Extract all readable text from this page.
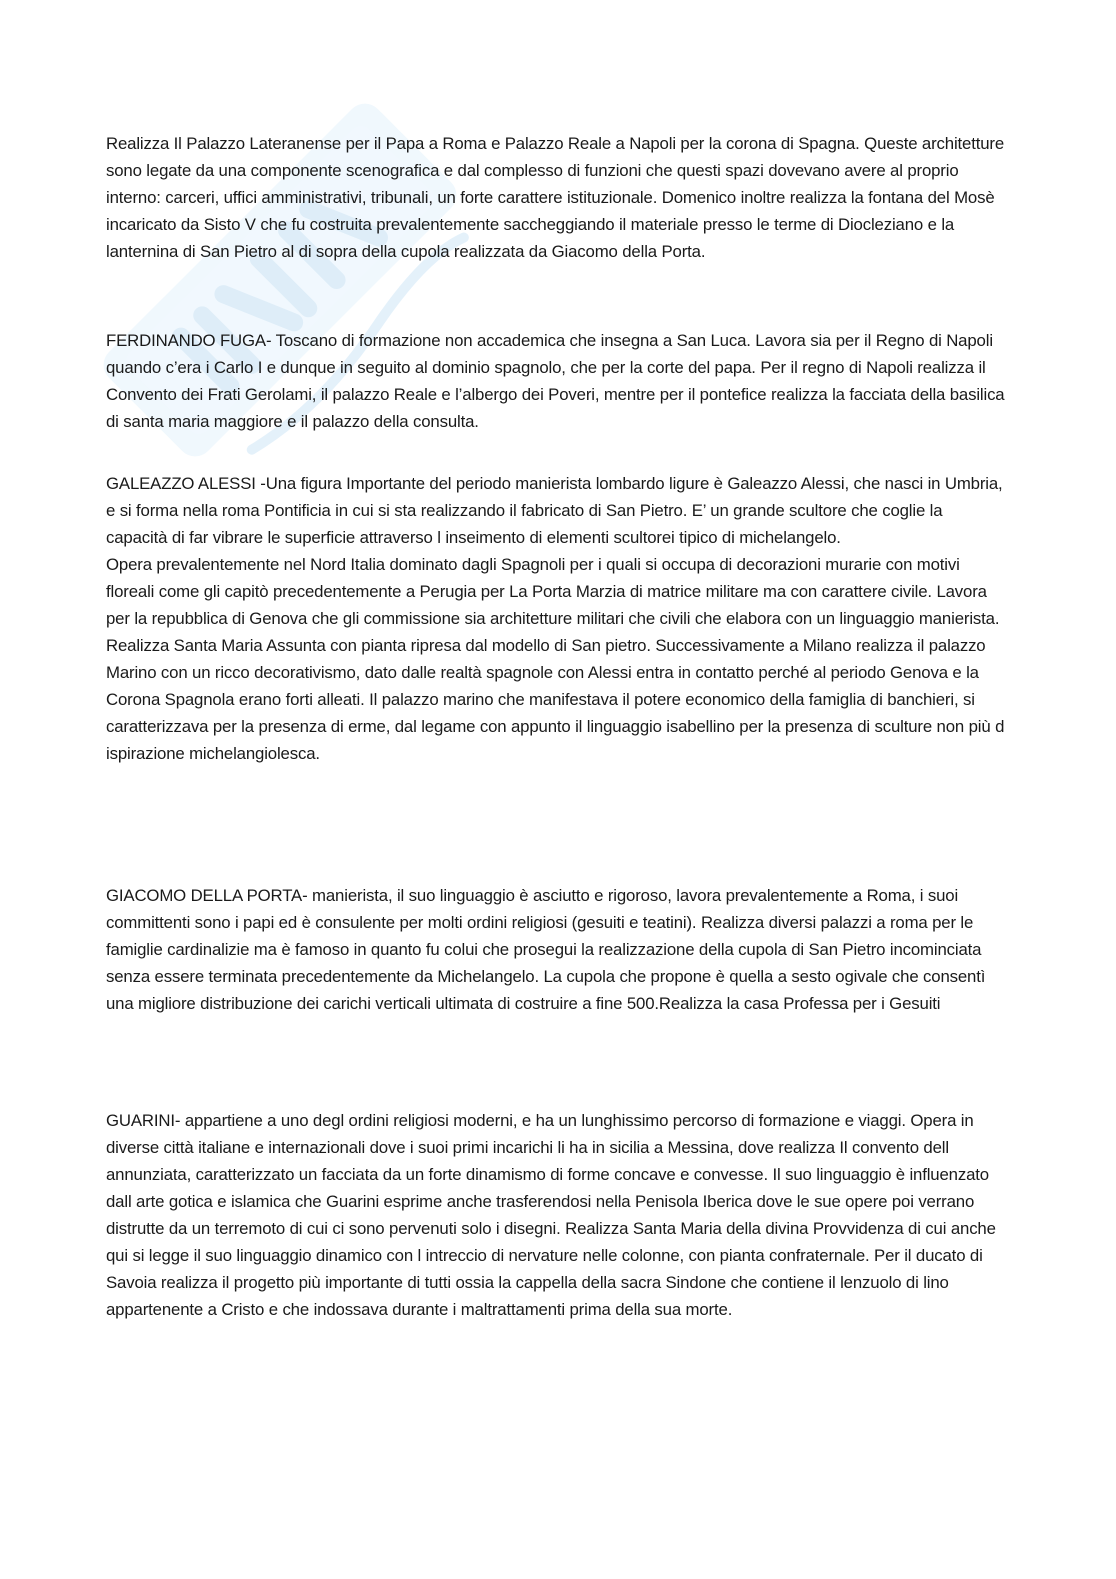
Realizza Il Palazzo Lateranense per il Papa a Roma e Palazzo Reale a Napoli per la corona di Spagna. Queste architetture sono legate da una componente scenografica e dal complesso di funzioni che questi spazi dovevano avere al proprio interno: carceri, uffici amministrativi, tribunali, un forte carattere istituzionale. Domenico inoltre realizza la fontana del Mosè incaricato da Sisto V che fu costruita prevalentemente saccheggiando il materiale presso le terme di Diocleziano e la lanternina di San Pietro al di sopra della cupola realizzata da Giacomo della Porta.

FERDINANDO FUGA- Toscano di formazione non accademica che insegna a San Luca. Lavora sia per il Regno di Napoli quando c’era i Carlo I e dunque in seguito al dominio spagnolo, che per la corte del papa. Per il regno di Napoli realizza il Convento dei Frati Gerolami, il palazzo Reale e l’albergo dei Poveri, mentre per il pontefice realizza la facciata della basilica di santa maria maggiore e il palazzo della consulta.

GALEAZZO ALESSI -Una figura Importante del periodo manierista lombardo ligure è Galeazzo Alessi, che nasci in Umbria, e si forma nella roma Pontificia in cui si sta realizzando il fabricato di San Pietro. E’ un grande scultore che coglie la capacità di far vibrare le superficie attraverso l inseimento di elementi scultorei tipico di michelangelo.

Opera prevalentemente nel Nord Italia dominato dagli Spagnoli per i quali si occupa di decorazioni murarie con motivi floreali come gli capitò precedentemente a Perugia per La Porta Marzia di matrice militare ma con carattere civile. Lavora per la repubblica di Genova che gli commissione sia architetture militari che civili che elabora con un linguaggio manierista. Realizza Santa Maria Assunta con pianta ripresa dal modello di San pietro. Successivamente a Milano realizza il palazzo Marino con un ricco decorativismo, dato dalle realtà spagnole con Alessi entra in contatto perché al periodo Genova e la Corona Spagnola erano forti alleati. Il palazzo marino che manifestava il potere economico della famiglia di banchieri, si caratterizzava per la presenza di erme, dal legame con appunto il linguaggio isabellino per la presenza di sculture non più d ispirazione michelangiolesca.

GIACOMO DELLA PORTA- manierista, il suo linguaggio è asciutto e rigoroso, lavora prevalentemente a Roma, i suoi committenti sono i papi ed è consulente per molti ordini religiosi (gesuiti e teatini). Realizza diversi palazzi a roma per le famiglie cardinalizie ma è famoso in quanto fu colui che prosegui la realizzazione della cupola di San Pietro incominciata senza essere terminata precedentemente da Michelangelo. La cupola che propone è quella a sesto ogivale che consentì una migliore distribuzione dei carichi verticali ultimata di costruire a fine 500.Realizza la casa Professa per i Gesuiti

GUARINI- appartiene a uno degl ordini religiosi moderni, e ha un lunghissimo percorso di formazione e viaggi. Opera in diverse città italiane e internazionali dove i suoi primi incarichi li ha in sicilia a Messina, dove realizza Il convento dell annunziata, caratterizzato un facciata da un forte dinamismo di forme concave e convesse. Il suo linguaggio è influenzato dall arte gotica e islamica che Guarini esprime anche trasferendosi nella Penisola Iberica dove le sue opere poi verrano distrutte da un terremoto di cui ci sono pervenuti solo i disegni. Realizza Santa Maria della divina Provvidenza di cui anche qui si legge il suo linguaggio dinamico con l intreccio di nervature nelle colonne, con pianta confraternale. Per il ducato di Savoia realizza il progetto più importante di tutti ossia la cappella della sacra Sindone che contiene il lenzuolo di lino appartenente a Cristo e che indossava durante i maltrattamenti prima della sua morte.
